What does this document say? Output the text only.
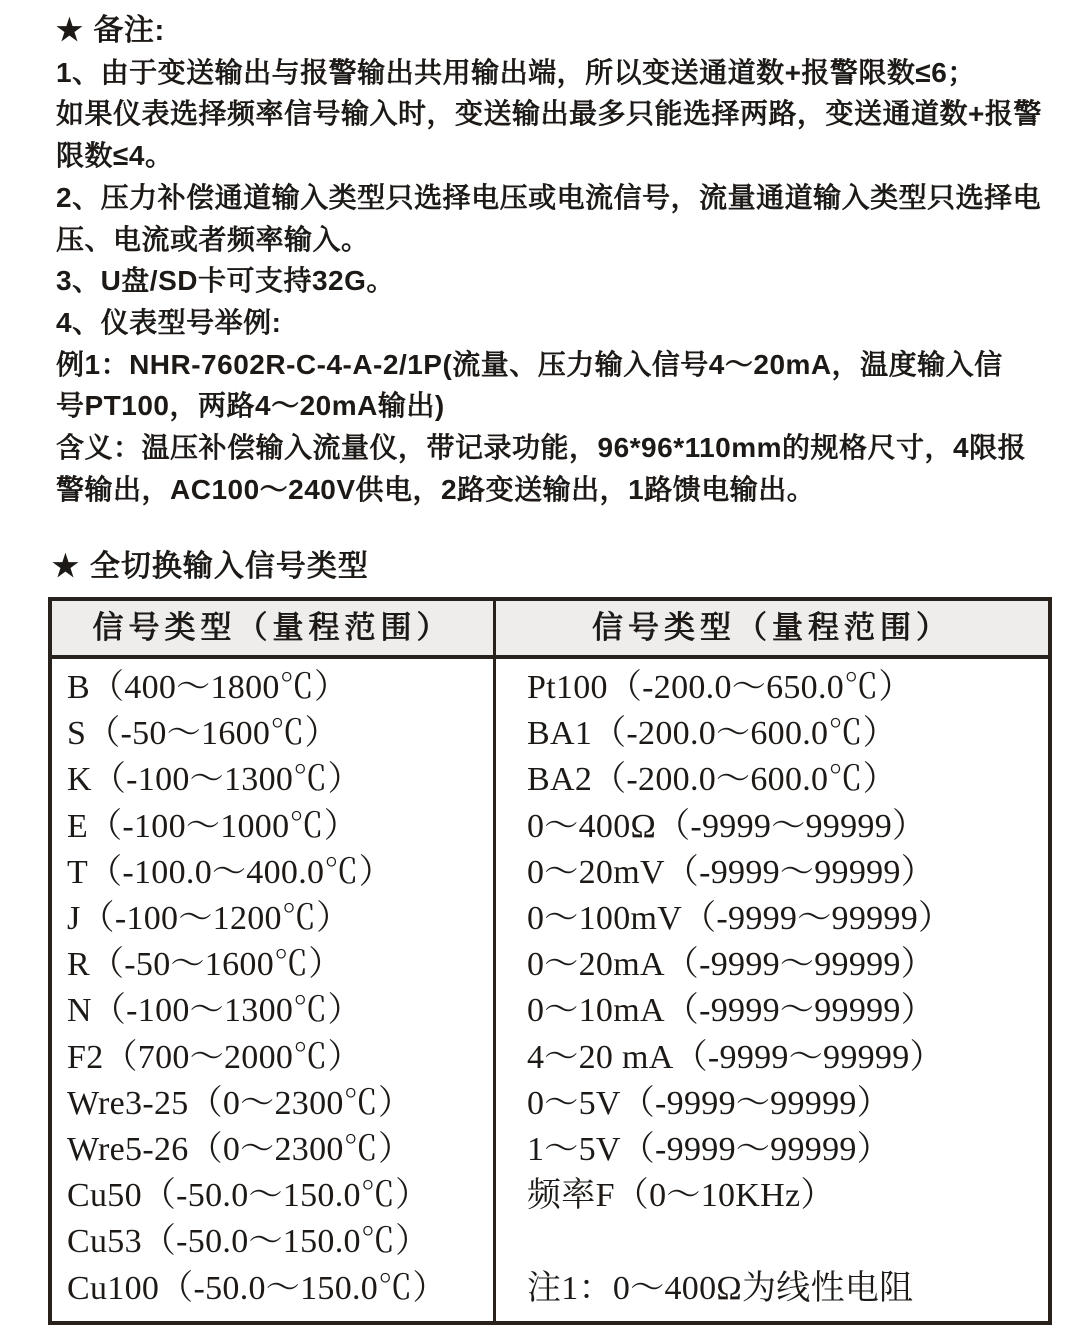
★ 备注:
1、由于变送输出与报警输出共用输出端，所以变送通道数+报警限数≤6；
如果仪表选择频率信号输入时，变送输出最多只能选择两路，变送通道数+报警
限数≤4。
2、压力补偿通道输入类型只选择电压或电流信号，流量通道输入类型只选择电
压、电流或者频率输入。
3、U盘/SD卡可支持32G。
4、仪表型号举例:
例1：NHR-7602R-C-4-A-2/1P(流量、压力输入信号4～20mA，温度输入信
号PT100，两路4～20mA输出)
含义：温压补偿输入流量仪，带记录功能，96*96*110mm的规格尺寸，4限报
警输出，AC100～240V供电，2路变送输出，1路馈电输出。
★ 全切换输入信号类型
信号类型（量程范围）	信号类型（量程范围）
B（400～1800℃）
S（-50～1600℃）
K（-100～1300℃）
E（-100～1000℃）
T（-100.0～400.0℃）
J（-100～1200℃）
R（-50～1600℃）
N（-100～1300℃）
F2（700～2000℃）
Wre3-25（0～2300℃）
Wre5-26（0～2300℃）
Cu50（-50.0～150.0℃）
Cu53（-50.0～150.0℃）
Cu100（-50.0～150.0℃）
Pt100（-200.0～650.0℃）
BA1（-200.0～600.0℃）
BA2（-200.0～600.0℃）
0～400Ω（-9999～99999）
0～20mV（-9999～99999）
0～100mV（-9999～99999）
0～20mA（-9999～99999）
0～10mA（-9999～99999）
4～20 mA（-9999～99999）
0～5V（-9999～99999）
1～5V（-9999～99999）
频率F（0～10KHz）
注1：0～400Ω为线性电阻
